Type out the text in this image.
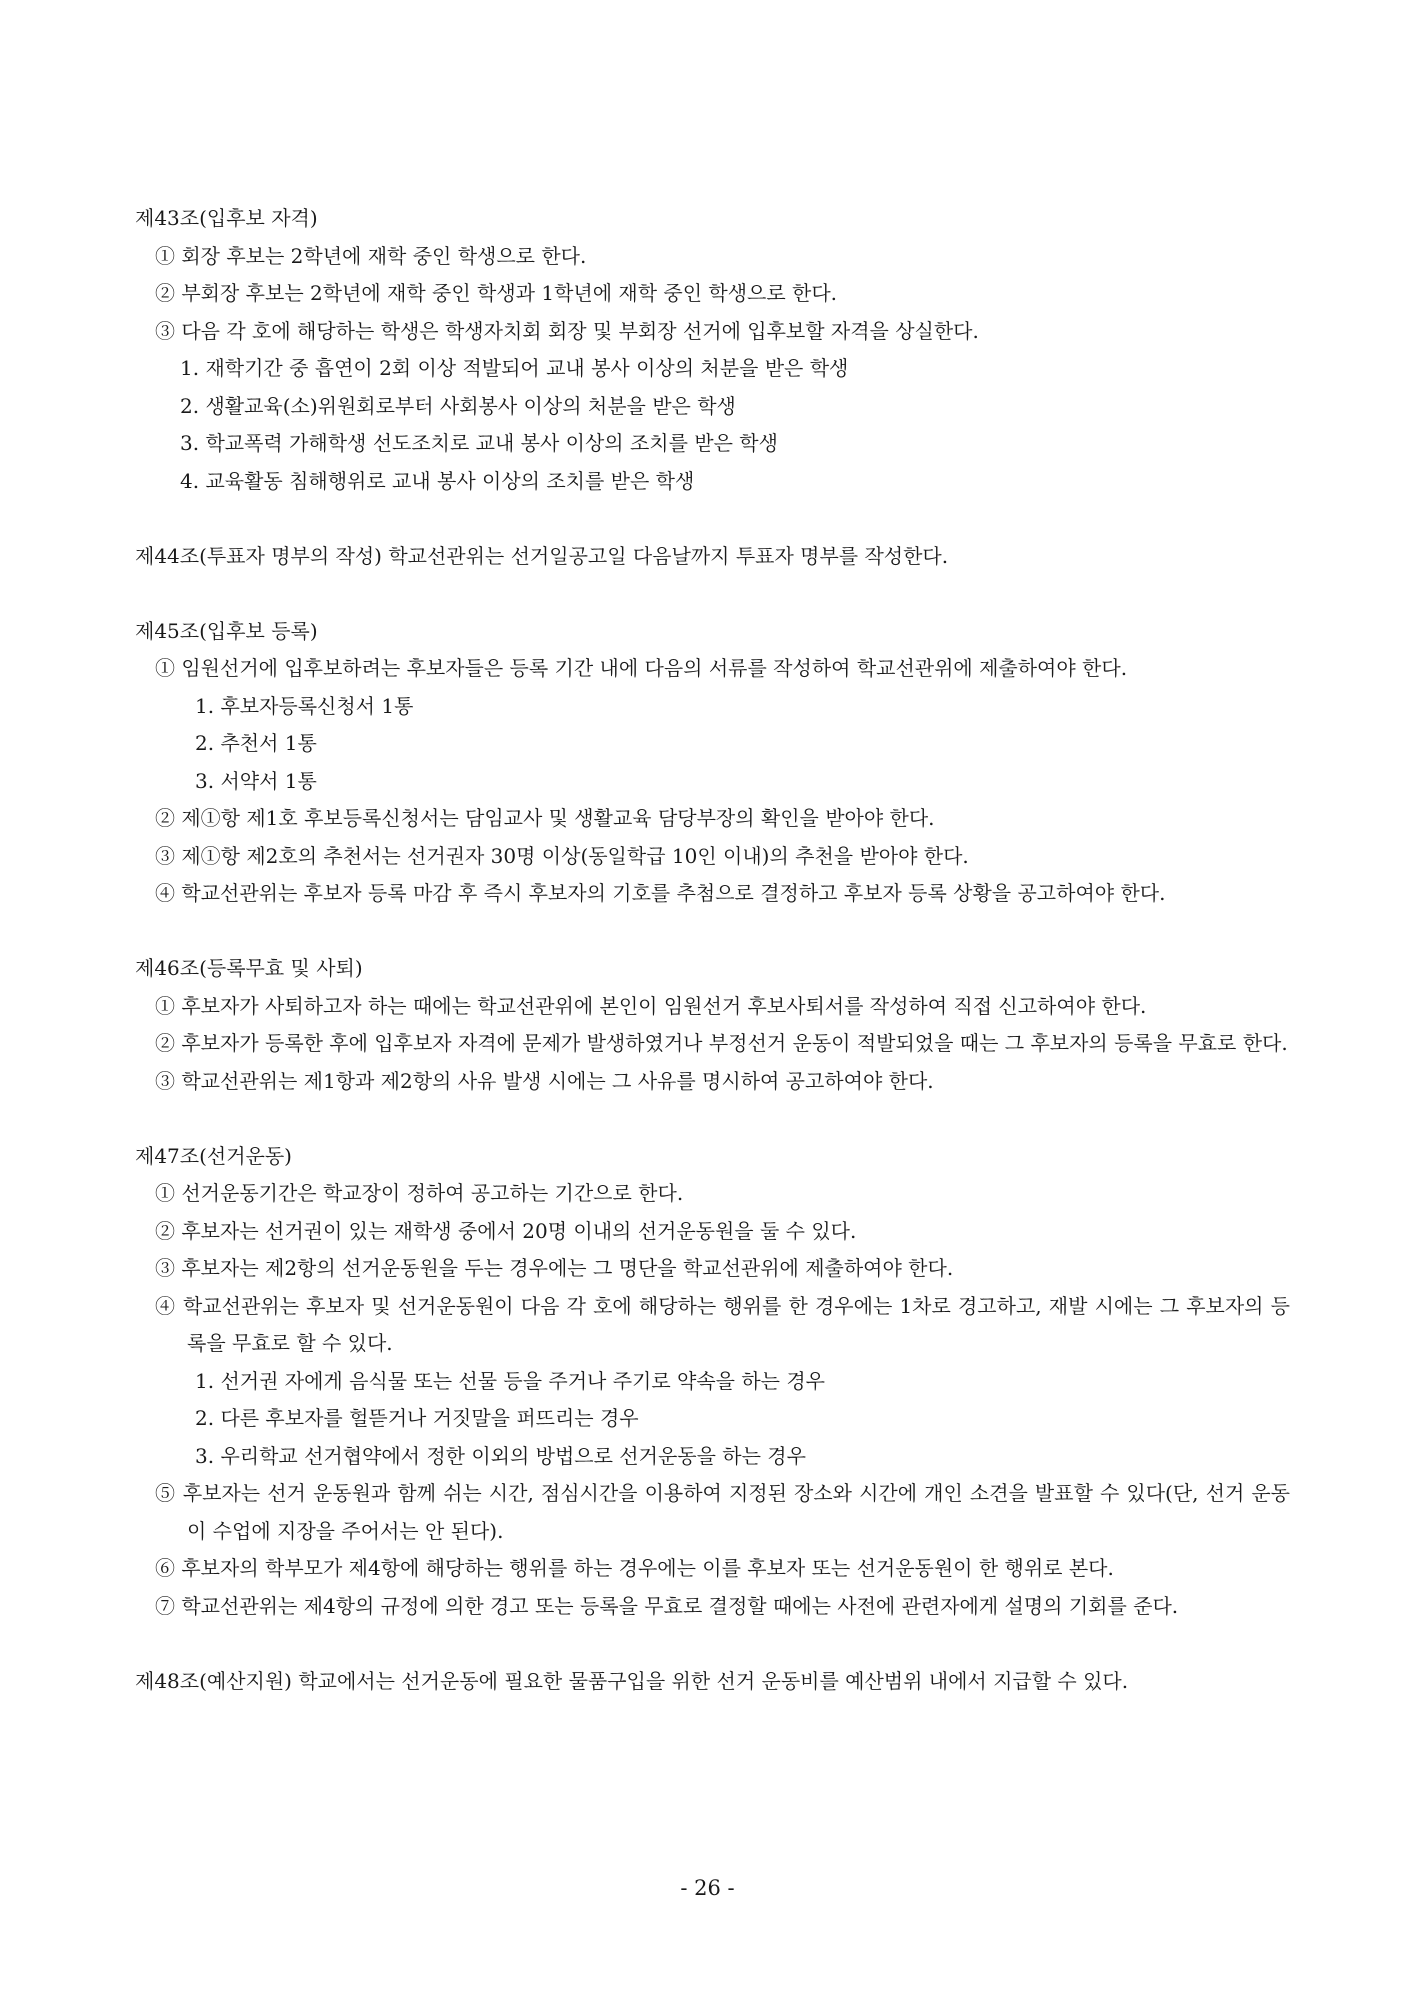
제43조(입후보 자격)

① 회장 후보는 2학년에 재학 중인 학생으로 한다.

② 부회장 후보는 2학년에 재학 중인 학생과 1학년에 재학 중인 학생으로 한다.

③ 다음 각 호에 해당하는 학생은 학생자치회 회장 및 부회장 선거에 입후보할 자격을 상실한다.

1. 재학기간 중 흡연이 2회 이상 적발되어 교내 봉사 이상의 처분을 받은 학생

2. 생활교육(소)위원회로부터 사회봉사 이상의 처분을 받은 학생

3. 학교폭력 가해학생 선도조치로 교내 봉사 이상의 조치를 받은 학생

4. 교육활동 침해행위로 교내 봉사 이상의 조치를 받은 학생

제44조(투표자 명부의 작성) 학교선관위는 선거일공고일 다음날까지 투표자 명부를 작성한다.

제45조(입후보 등록)

① 임원선거에 입후보하려는 후보자들은 등록 기간 내에 다음의 서류를 작성하여 학교선관위에 제출하여야 한다.

1. 후보자등록신청서 1통

2. 추천서 1통

3. 서약서 1통

② 제①항 제1호 후보등록신청서는 담임교사 및 생활교육 담당부장의 확인을 받아야 한다.

③ 제①항 제2호의 추천서는 선거권자 30명 이상(동일학급 10인 이내)의 추천을 받아야 한다.

④ 학교선관위는 후보자 등록 마감 후 즉시 후보자의 기호를 추첨으로 결정하고 후보자 등록 상황을 공고하여야 한다.

제46조(등록무효 및 사퇴)

① 후보자가 사퇴하고자 하는 때에는 학교선관위에 본인이 임원선거 후보사퇴서를 작성하여 직접 신고하여야 한다.

② 후보자가 등록한 후에 입후보자 자격에 문제가 발생하였거나 부정선거 운동이 적발되었을 때는 그 후보자의 등록을 무효로 한다.

③ 학교선관위는 제1항과 제2항의 사유 발생 시에는 그 사유를 명시하여 공고하여야 한다.

제47조(선거운동)

① 선거운동기간은 학교장이 정하여 공고하는 기간으로 한다.

② 후보자는 선거권이 있는 재학생 중에서 20명 이내의 선거운동원을 둘 수 있다.

③ 후보자는 제2항의 선거운동원을 두는 경우에는 그 명단을 학교선관위에 제출하여야 한다.

④ 학교선관위는 후보자 및 선거운동원이 다음 각 호에 해당하는 행위를 한 경우에는 1차로 경고하고, 재발 시에는 그 후보자의 등록을 무효로 할 수 있다.

1. 선거권 자에게 음식물 또는 선물 등을 주거나 주기로 약속을 하는 경우

2. 다른 후보자를 헐뜯거나 거짓말을 퍼뜨리는 경우

3. 우리학교 선거협약에서 정한 이외의 방법으로 선거운동을 하는 경우

⑤ 후보자는 선거 운동원과 함께 쉬는 시간, 점심시간을 이용하여 지정된 장소와 시간에 개인 소견을 발표할 수 있다(단, 선거 운동이 수업에 지장을 주어서는 안 된다).

⑥ 후보자의 학부모가 제4항에 해당하는 행위를 하는 경우에는 이를 후보자 또는 선거운동원이 한 행위로 본다.

⑦ 학교선관위는 제4항의 규정에 의한 경고 또는 등록을 무효로 결정할 때에는 사전에 관련자에게 설명의 기회를 준다.

제48조(예산지원) 학교에서는 선거운동에 필요한 물품구입을 위한 선거 운동비를 예산범위 내에서 지급할 수 있다.

- 26 -
